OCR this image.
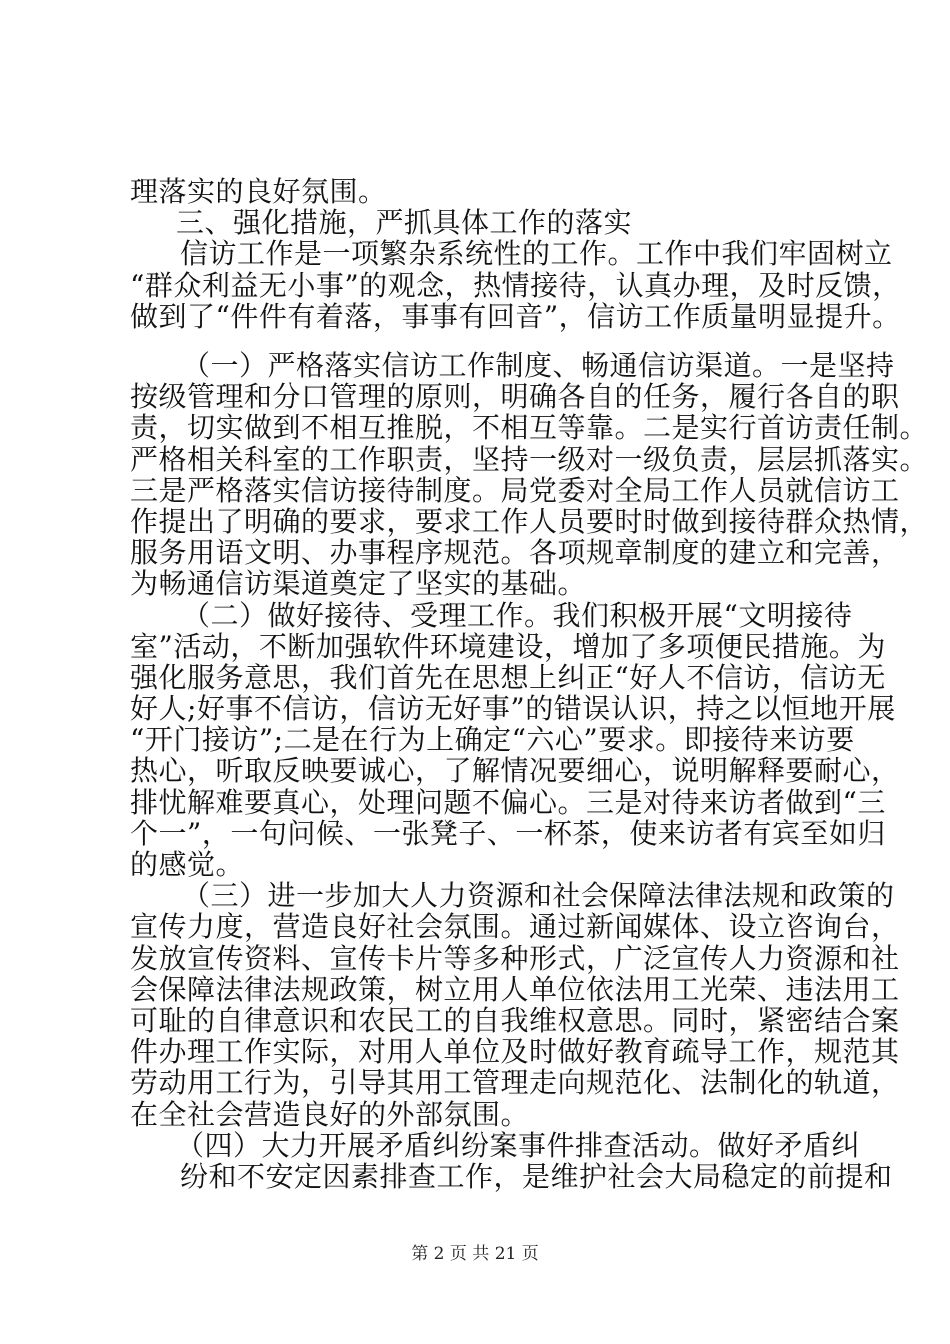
理落实的良好氛围。
三、强化措施，严抓具体工作的落实
信访工作是一项繁杂系统性的工作。工作中我们牢固树立
“群众利益无小事”的观念，热情接待，认真办理，及时反馈，
做到了“件件有着落，事事有回音”，信访工作质量明显提升。
（一）严格落实信访工作制度、畅通信访渠道。一是坚持
按级管理和分口管理的原则，明确各自的任务，履行各自的职
责，切实做到不相互推脱，不相互等靠。二是实行首访责任制。
严格相关科室的工作职责，坚持一级对一级负责，层层抓落实。
三是严格落实信访接待制度。局党委对全局工作人员就信访工
作提出了明确的要求，要求工作人员要时时做到接待群众热情，
服务用语文明、办事程序规范。各项规章制度的建立和完善，
为畅通信访渠道奠定了坚实的基础。
（二）做好接待、受理工作。我们积极开展“文明接待
室”活动，不断加强软件环境建设，增加了多项便民措施。为
强化服务意思，我们首先在思想上纠正“好人不信访，信访无
好人;好事不信访，信访无好事”的错误认识，持之以恒地开展
“开门接访”;二是在行为上确定“六心”要求。即接待来访要
热心，听取反映要诚心，了解情况要细心，说明解释要耐心，
排忧解难要真心，处理问题不偏心。三是对待来访者做到“三
个一”，一句问候、一张凳子、一杯茶，使来访者有宾至如归
的感觉。
（三）进一步加大人力资源和社会保障法律法规和政策的
宣传力度，营造良好社会氛围。通过新闻媒体、设立咨询台，
发放宣传资料、宣传卡片等多种形式，广泛宣传人力资源和社
会保障法律法规政策，树立用人单位依法用工光荣、违法用工
可耻的自律意识和农民工的自我维权意思。同时，紧密结合案
件办理工作实际，对用人单位及时做好教育疏导工作，规范其
劳动用工行为，引导其用工管理走向规范化、法制化的轨道，
在全社会营造良好的外部氛围。
（四）大力开展矛盾纠纷案事件排查活动。做好矛盾纠
纷和不安定因素排查工作，是维护社会大局稳定的前提和
第 2 页 共 21 页
